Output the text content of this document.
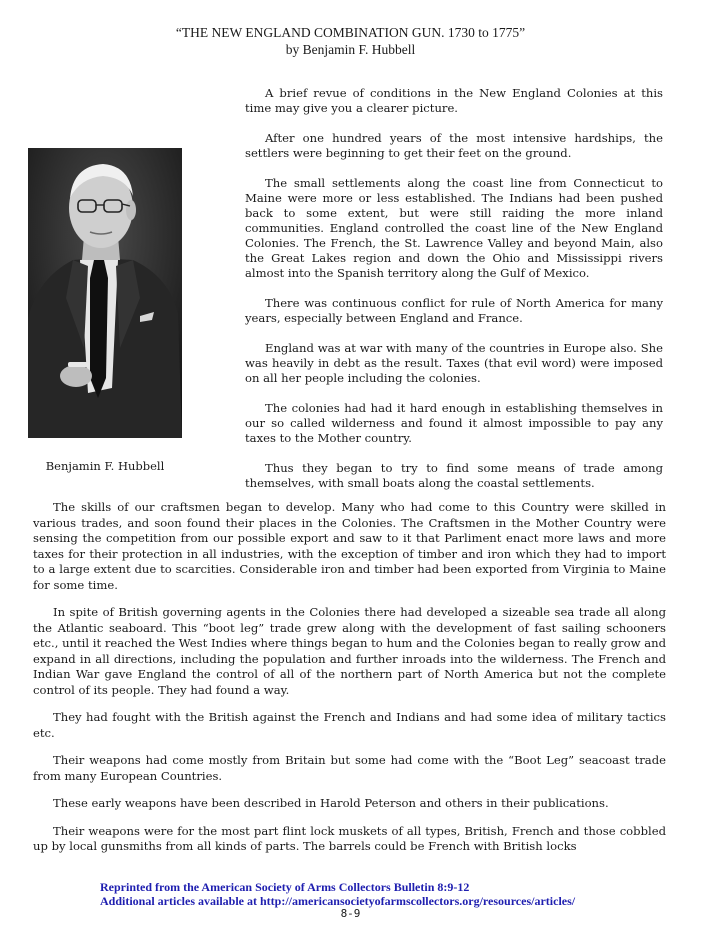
“THE NEW ENGLAND COMBINATION GUN. 1730 to 1775”
by Benjamin F. Hubbell
Benjamin F. Hubbell

A brief revue of conditions in the New England Colonies at this time may give you a clearer picture.

After one hundred years of the most intensive hardships, the settlers were beginning to get their feet on the ground.

The small settlements along the coast line from Connecticut to Maine were more or less established. The Indians had been pushed back to some extent, but were still raiding the more inland communities. England controlled the coast line of the New England Colonies. The French, the St. Lawrence Valley and beyond Main, also the Great Lakes region and down the Ohio and Mississippi rivers almost into the Spanish territory along the Gulf of Mexico.

There was continuous conflict for rule of North America for many years, especially between England and France.

England was at war with many of the countries in Europe also. She was heavily in debt as the result. Taxes (that evil word) were imposed on all her people including the colonies.

The colonies had had it hard enough in establishing themselves in our so called wilderness and found it almost impossible to pay any taxes to the Mother country.

Thus they began to try to find some means of trade among themselves, with small boats along the coastal settlements.

The skills of our craftsmen began to develop. Many who had come to this Country were skilled in various trades, and soon found their places in the Colonies. The Craftsmen in the Mother Country were sensing the competition from our possible export and saw to it that Parliment enact more laws and more taxes for their protection in all industries, with the exception of timber and iron which they had to import to a large extent due to scarcities. Considerable iron and timber had been exported from Virginia to Maine for some time.

In spite of British governing agents in the Colonies there had developed a sizeable sea trade all along the Atlantic seaboard. This “boot leg” trade grew along with the development of fast sailing schooners etc., until it reached the West Indies where things began to hum and the Colonies began to really grow and expand in all directions, including the population and further inroads into the wilderness. The French and Indian War gave England the control of all of the northern part of North America but not the complete control of its people. They had found a way.

They had fought with the British against the French and Indians and had some idea of military tactics etc.

Their weapons had come mostly from Britain but some had come with the “Boot Leg” seacoast trade from many European Countries.

These early weapons have been described in Harold Peterson and others in their publications.

Their weapons were for the most part flint lock muskets of all types, British, French and those cobbled up by local gunsmiths from all kinds of parts. The barrels could be French with British locks

Reprinted from the American Society of Arms Collectors Bulletin 8:9-12
Additional articles available at http://americansocietyofarmscollectors.org/resources/articles/
8-9
